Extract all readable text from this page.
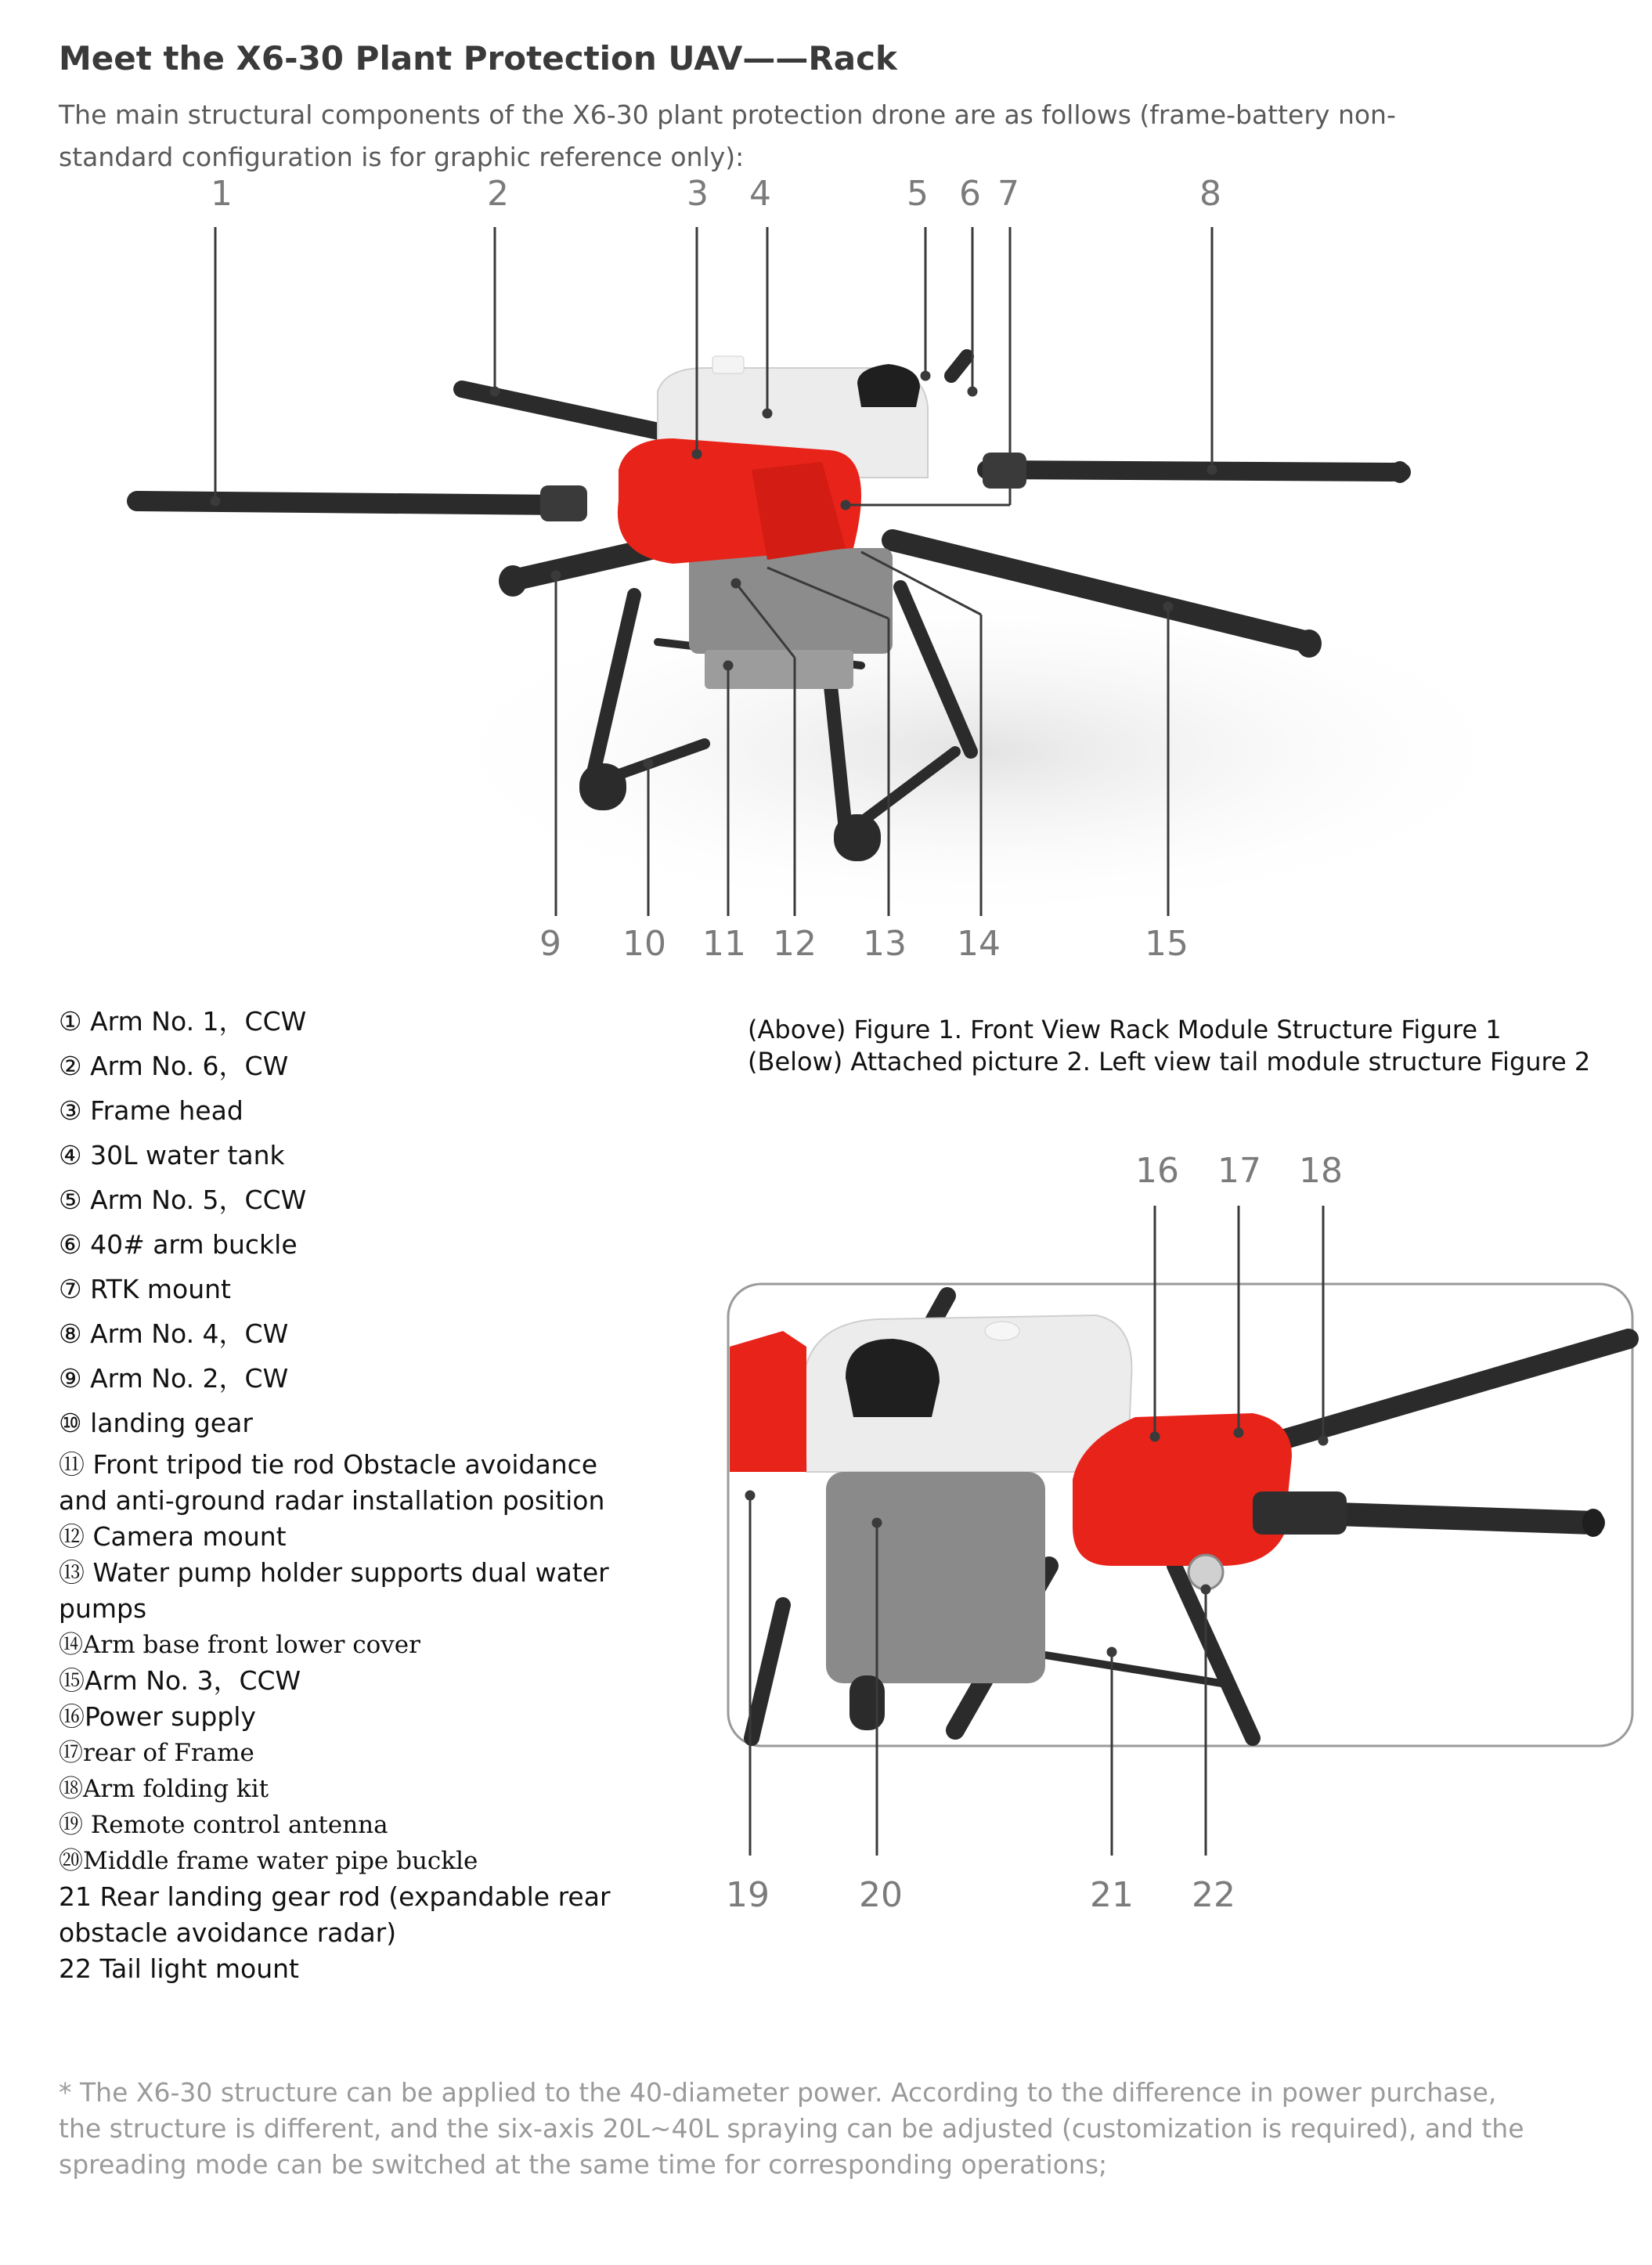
Meet the X6-30 Plant Protection UAV——Rack
The main structural components of the X6-30 plant protection drone are as follows (frame-battery non-standard configuration is for graphic reference only):
1	2	3	4	5 6 7	8
9	10 11 12 13 14	15
16 17 18
19	20	21 22
(Above) Figure 1. Front View Rack Module Structure Figure 1
(Below) Attached picture 2. Left view tail module structure Figure 2
① Arm No. 1，CCW
② Arm No. 6，CW
③ Frame head
④ 30L water tank
⑤ Arm No. 5，CCW
⑥ 40# arm buckle
⑦ RTK mount
⑧ Arm No. 4，CW
⑨ Arm No. 2，CW
⑩ landing gear
⑪ Front tripod tie rod Obstacle avoidance and anti-ground radar installation position
⑫ Camera mount
⑬ Water pump holder supports dual water pumps
⑭Arm base front lower cover
⑮Arm No. 3，CCW
⑯Power supply
⑰rear of Frame
⑱Arm folding kit
⑲ Remote control antenna
⑳Middle frame water pipe buckle
21 Rear landing gear rod (expandable rear obstacle avoidance radar)
22 Tail light mount
* The X6-30 structure can be applied to the 40-diameter power. According to the difference in power purchase, the structure is different, and the six-axis 20L~40L spraying can be adjusted (customization is required), and the spreading mode can be switched at the same time for corresponding operations;
